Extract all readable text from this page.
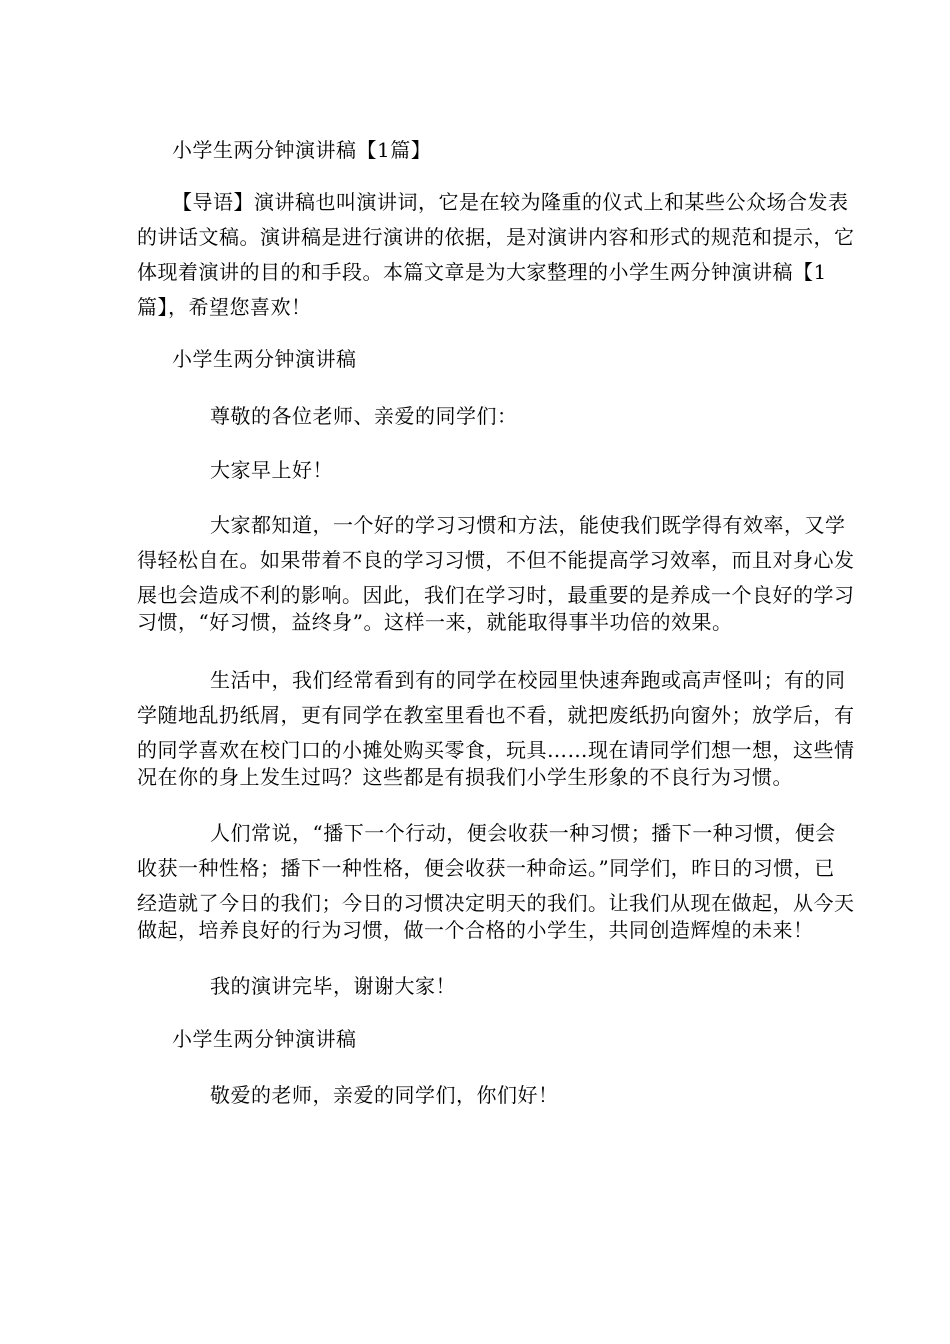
小学生两分钟演讲稿【1篇】
【导语】演讲稿也叫演讲词，它是在较为隆重的仪式上和某些公众场合发表
的讲话文稿。演讲稿是进行演讲的依据，是对演讲内容和形式的规范和提示，它
体现着演讲的目的和手段。本篇文章是为大家整理的小学生两分钟演讲稿【1
篇】，希望您喜欢！
小学生两分钟演讲稿
尊敬的各位老师、亲爱的同学们：
大家早上好！
大家都知道，一个好的学习习惯和方法，能使我们既学得有效率，又学
得轻松自在。如果带着不良的学习习惯，不但不能提高学习效率，而且对身心发
展也会造成不利的影响。因此，我们在学习时，最重要的是养成一个良好的学习
习惯，“好习惯，益终身”。这样一来，就能取得事半功倍的效果。
生活中，我们经常看到有的同学在校园里快速奔跑或高声怪叫；有的同
学随地乱扔纸屑，更有同学在教室里看也不看，就把废纸扔向窗外；放学后，有
的同学喜欢在校门口的小摊处购买零食，玩具……现在请同学们想一想，这些情
况在你的身上发生过吗？这些都是有损我们小学生形象的不良行为习惯。
人们常说，“播下一个行动，便会收获一种习惯；播下一种习惯，便会
收获一种性格；播下一种性格，便会收获一种命运。”同学们，昨日的习惯，已
经造就了今日的我们；今日的习惯决定明天的我们。让我们从现在做起，从今天
做起，培养良好的行为习惯，做一个合格的小学生，共同创造辉煌的未来！
我的演讲完毕，谢谢大家！
小学生两分钟演讲稿
敬爱的老师，亲爱的同学们，你们好！
